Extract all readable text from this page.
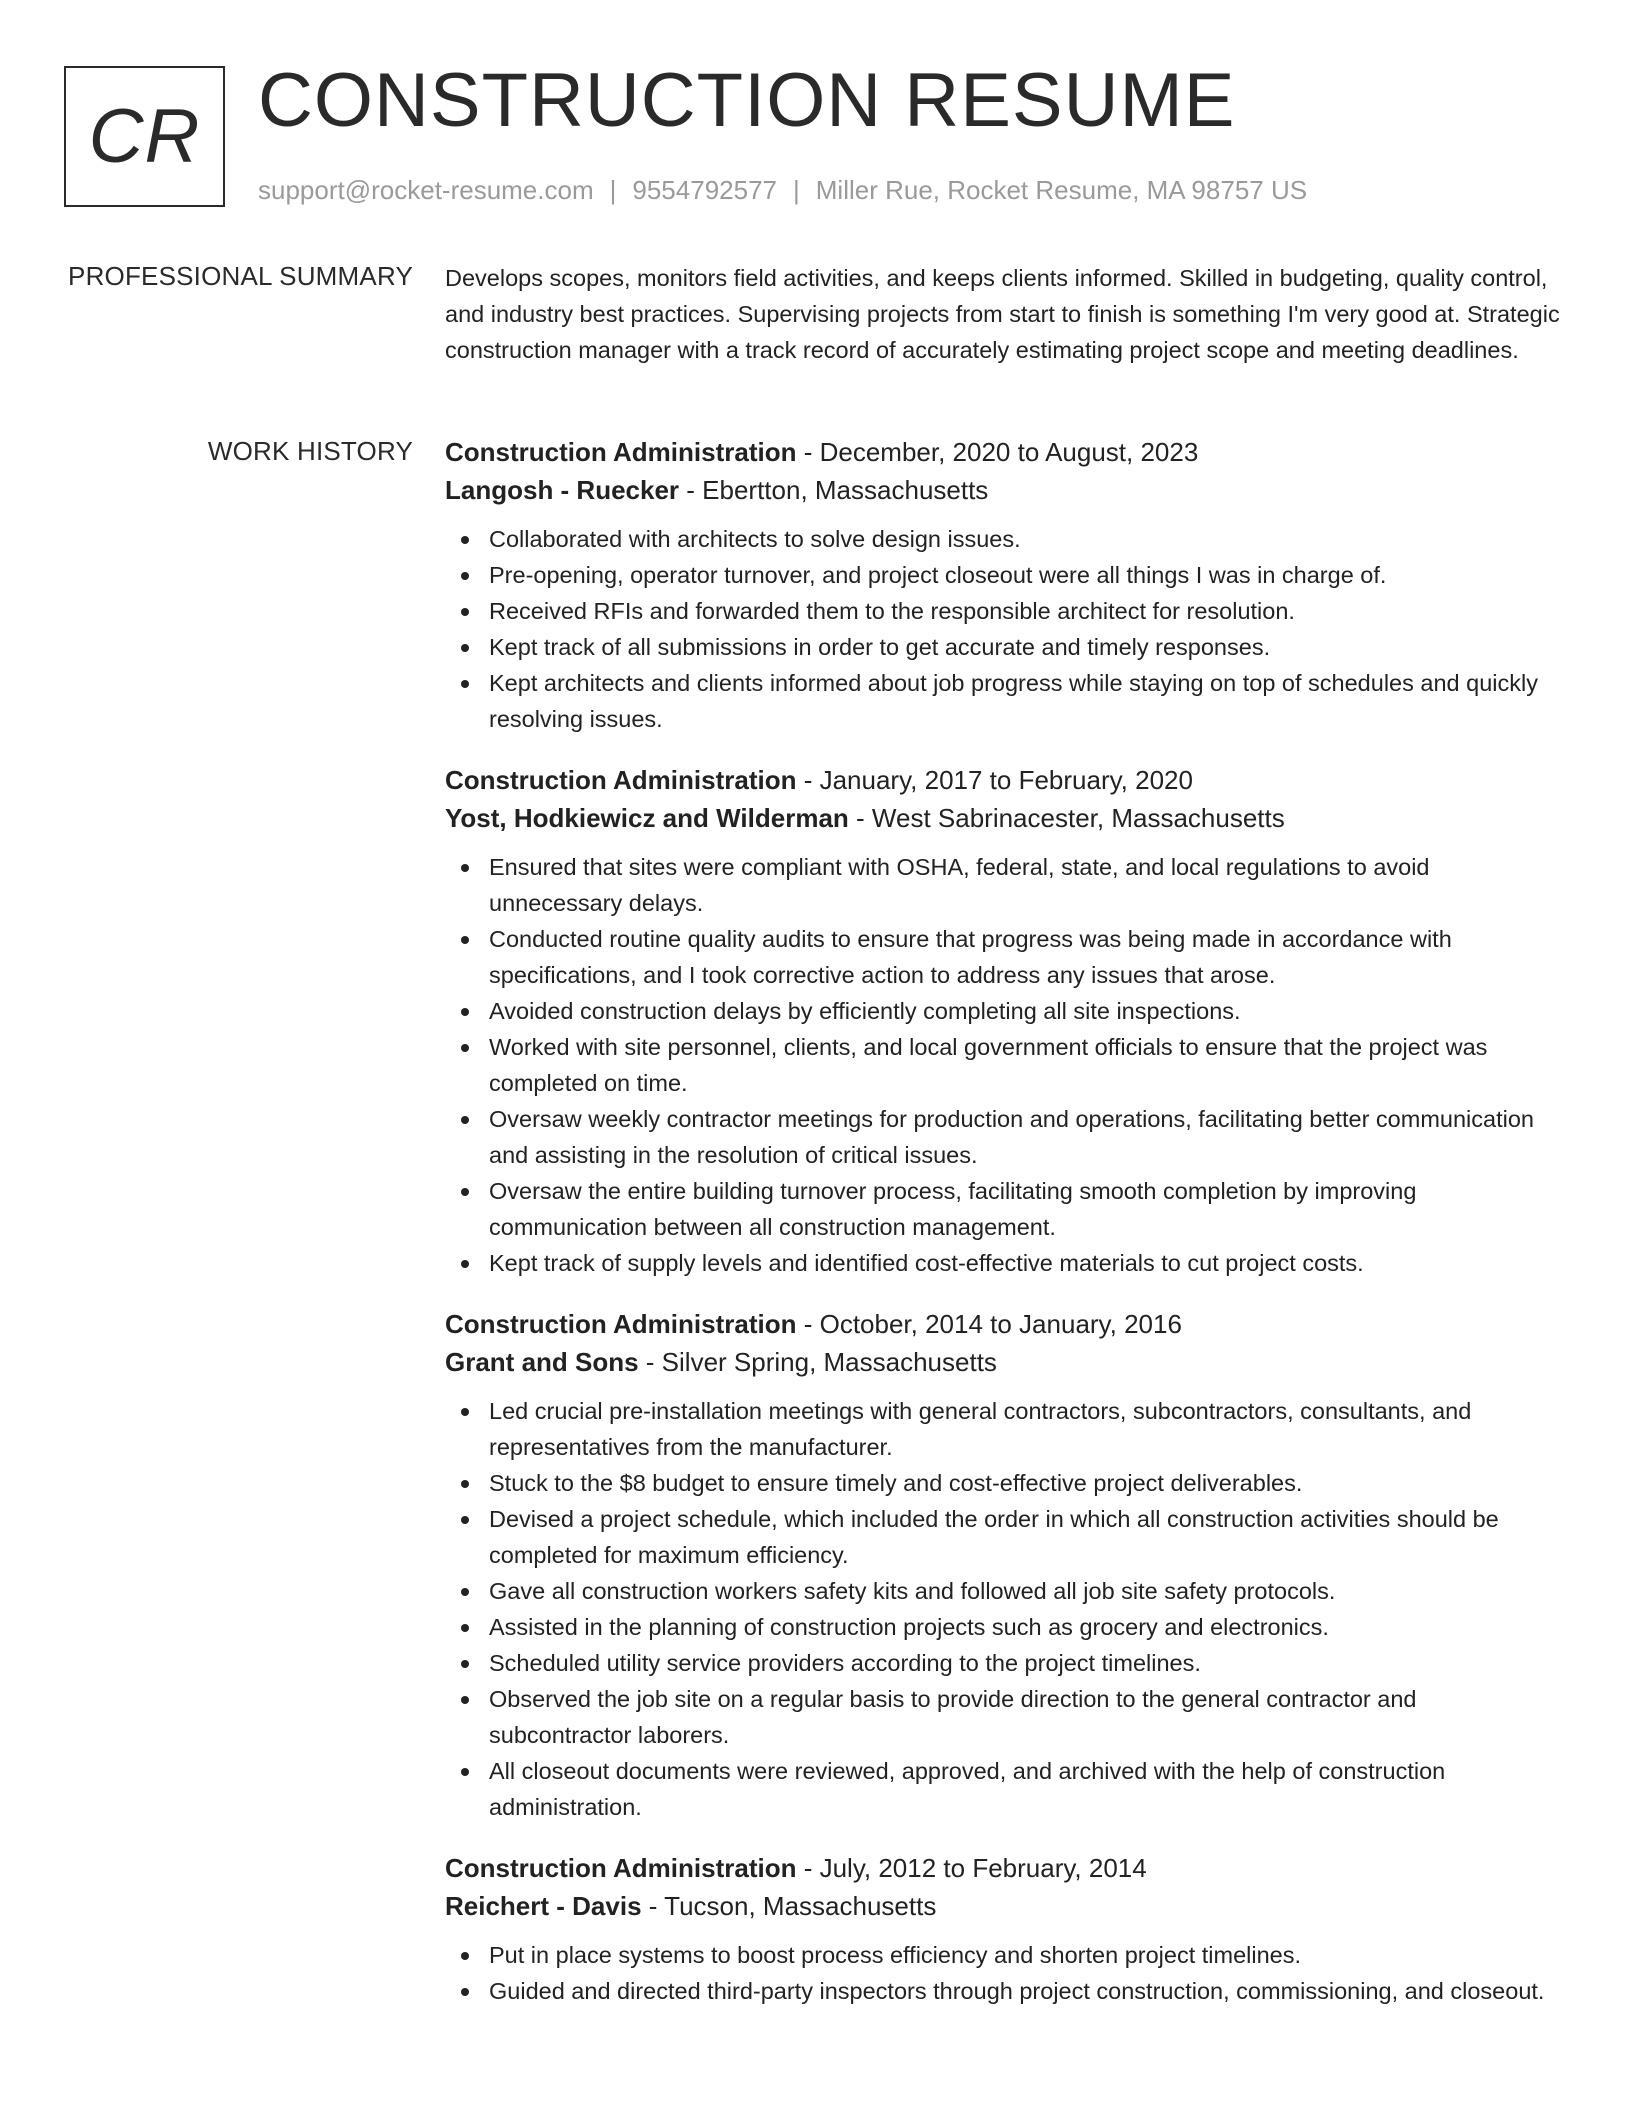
CR CONSTRUCTION RESUME
support@rocket-resume.com | 9554792577 | Miller Rue, Rocket Resume, MA 98757 US
PROFESSIONAL SUMMARY Develops scopes, monitors field activities, and keeps clients informed. Skilled in budgeting, quality control, and industry best practices. Supervising projects from start to finish is something I'm very good at. Strategic construction manager with a track record of accurately estimating project scope and meeting deadlines.

WORK HISTORY Construction Administration - December, 2020 to August, 2023
Langosh - Ruecker - Ebertton, Massachusetts
Collaborated with architects to solve design issues.
Pre-opening, operator turnover, and project closeout were all things I was in charge of.
Received RFIs and forwarded them to the responsible architect for resolution.
Kept track of all submissions in order to get accurate and timely responses.
Kept architects and clients informed about job progress while staying on top of schedules and quickly resolving issues.
Construction Administration - January, 2017 to February, 2020
Yost, Hodkiewicz and Wilderman - West Sabrinacester, Massachusetts
Ensured that sites were compliant with OSHA, federal, state, and local regulations to avoid unnecessary delays.
Conducted routine quality audits to ensure that progress was being made in accordance with specifications, and I took corrective action to address any issues that arose.
Avoided construction delays by efficiently completing all site inspections.
Worked with site personnel, clients, and local government officials to ensure that the project was completed on time.
Oversaw weekly contractor meetings for production and operations, facilitating better communication and assisting in the resolution of critical issues.
Oversaw the entire building turnover process, facilitating smooth completion by improving communication between all construction management.
Kept track of supply levels and identified cost-effective materials to cut project costs.
Construction Administration - October, 2014 to January, 2016
Grant and Sons - Silver Spring, Massachusetts
Led crucial pre-installation meetings with general contractors, subcontractors, consultants, and representatives from the manufacturer.
Stuck to the $8 budget to ensure timely and cost-effective project deliverables.
Devised a project schedule, which included the order in which all construction activities should be completed for maximum efficiency.
Gave all construction workers safety kits and followed all job site safety protocols.
Assisted in the planning of construction projects such as grocery and electronics.
Scheduled utility service providers according to the project timelines.
Observed the job site on a regular basis to provide direction to the general contractor and subcontractor laborers.
All closeout documents were reviewed, approved, and archived with the help of construction administration.
Construction Administration - July, 2012 to February, 2014
Reichert - Davis - Tucson, Massachusetts
Put in place systems to boost process efficiency and shorten project timelines.
Guided and directed third-party inspectors through project construction, commissioning, and closeout.
